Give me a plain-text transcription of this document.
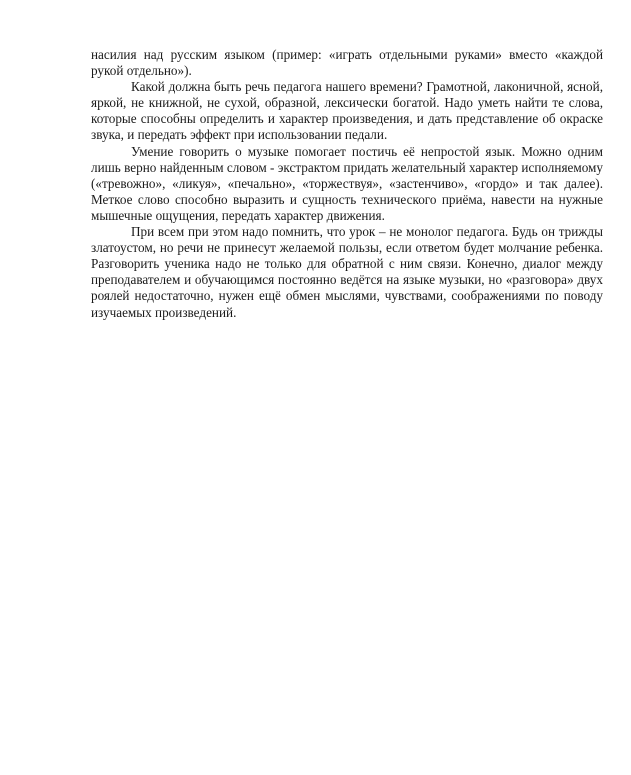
насилия над русским языком (пример: «играть отдельными руками» вместо «каждой рукой отдельно»).

Какой должна быть речь педагога нашего времени? Грамотной, лаконичной, ясной, яркой, не книжной, не сухой, образной, лексически богатой. Надо уметь найти те слова, которые способны определить и характер произведения, и дать представление об окраске звука, и передать эффект при использовании педали.

Умение говорить о музыке помогает постичь её непростой язык. Можно одним лишь верно найденным словом - экстрактом придать желательный характер исполняемому («тревожно», «ликуя», «печально», «торжествуя», «застенчиво», «гордо» и так далее). Меткое слово способно выразить и сущность технического приёма, навести на нужные мышечные ощущения, передать характер движения.

При всем при этом надо помнить, что урок – не монолог педагога. Будь он трижды златоустом, но речи не принесут желаемой пользы, если ответом будет молчание ребенка. Разговорить ученика надо не только для обратной с ним связи. Конечно, диалог между преподавателем и обучающимся постоянно ведётся на языке музыки, но «разговора» двух роялей недостаточно, нужен ещё обмен мыслями, чувствами, соображениями по поводу изучаемых произведений.
